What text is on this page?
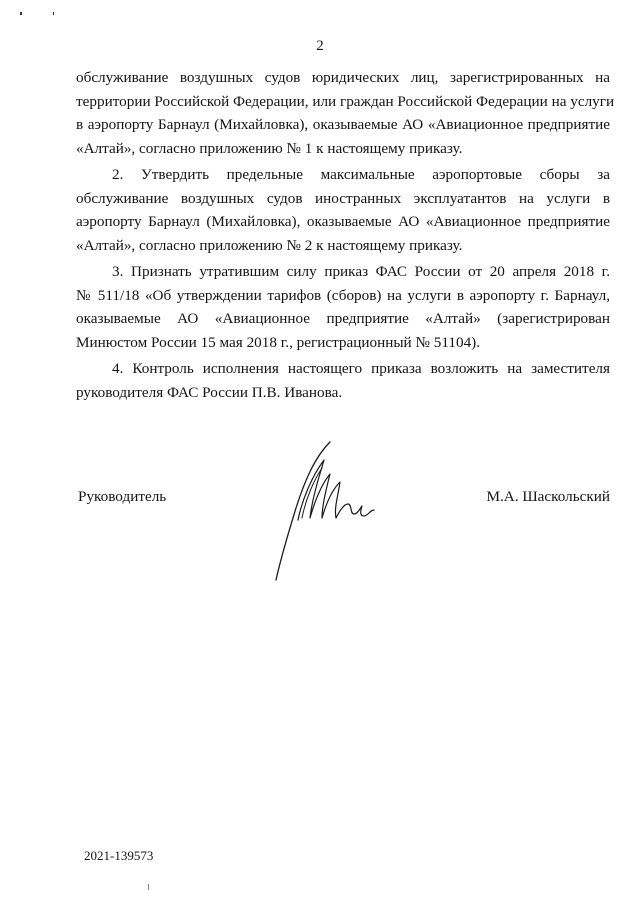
2

обслуживание воздушных судов юридических лиц, зарегистрированных на
территории Российской Федерации, или граждан Российской Федерации на услуги
в аэропорту Барнаул (Михайловка), оказываемые АО «Авиационное предприятие
«Алтай», согласно приложению № 1 к настоящему приказу.

2. Утвердить предельные максимальные аэропортовые сборы за
обслуживание воздушных судов иностранных эксплуатантов на услуги в
аэропорту Барнаул (Михайловка), оказываемые АО «Авиационное предприятие
«Алтай», согласно приложению № 2 к настоящему приказу.

3. Признать утратившим силу приказ ФАС России от 20 апреля 2018 г.
№ 511/18 «Об утверждении тарифов (сборов) на услуги в аэропорту г. Барнаул,
оказываемые АО «Авиационное предприятие «Алтай» (зарегистрирован
Минюстом России 15 мая 2018 г., регистрационный № 51104).

4. Контроль исполнения настоящего приказа возложить на заместителя
руководителя ФАС России П.В. Иванова.

Руководитель	М.А. Шаскольский
2021-139573
